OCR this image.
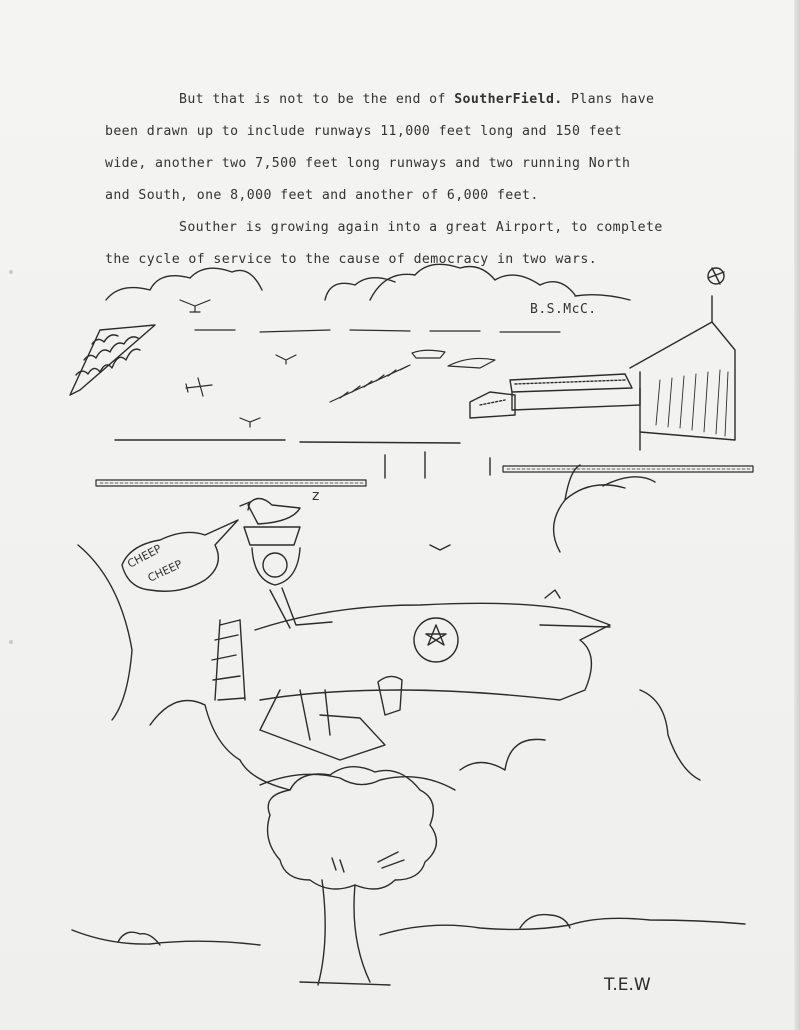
But that is not to be the end of SoutherField. Plans have
been drawn up to include runways 11,000 feet long and 150 feet
wide, another two 7,500 feet long runways and two running North
and South, one 8,000 feet and another of 6,000 feet.
Souther is growing again into a great Airport, to complete
the cycle of service to the cause of democracy in two wars.
B.S.McC.
CHEEP
CHEEP
z
T.E.W
